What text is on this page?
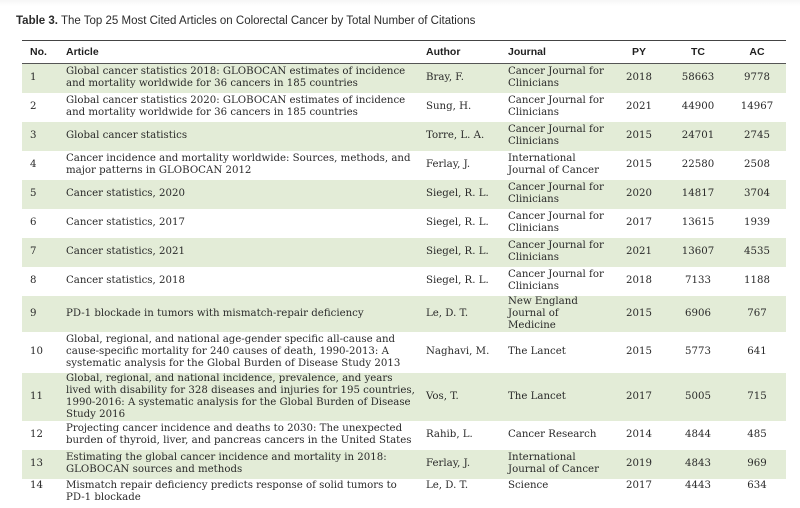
Table 3. The Top 25 Most Cited Articles on Colorectal Cancer by Total Number of Citations
No.	Article	Author	Journal	PY	TC	AC
1	Global cancer statistics 2018: GLOBOCAN estimates of incidence and mortality worldwide for 36 cancers in 185 countries	Bray, F.	Cancer Journal for Clinicians	2018	58663	9778
2	Global cancer statistics 2020: GLOBOCAN estimates of incidence and mortality worldwide for 36 cancers in 185 countries	Sung, H.	Cancer Journal for Clinicians	2021	44900	14967
3	Global cancer statistics	Torre, L. A.	Cancer Journal for Clinicians	2015	24701	2745
4	Cancer incidence and mortality worldwide: Sources, methods, and major patterns in GLOBOCAN 2012	Ferlay, J.	International Journal of Cancer	2015	22580	2508
5	Cancer statistics, 2020	Siegel, R. L.	Cancer Journal for Clinicians	2020	14817	3704
6	Cancer statistics, 2017	Siegel, R. L.	Cancer Journal for Clinicians	2017	13615	1939
7	Cancer statistics, 2021	Siegel, R. L.	Cancer Journal for Clinicians	2021	13607	4535
8	Cancer statistics, 2018	Siegel, R. L.	Cancer Journal for Clinicians	2018	7133	1188
9	PD-1 blockade in tumors with mismatch-repair deficiency	Le, D. T.	New England Journal of Medicine	2015	6906	767
10	Global, regional, and national age-gender specific all-cause and cause-specific mortality for 240 causes of death, 1990-2013: A systematic analysis for the Global Burden of Disease Study 2013	Naghavi, M.	The Lancet	2015	5773	641
11	Global, regional, and national incidence, prevalence, and years lived with disability for 328 diseases and injuries for 195 countries, 1990-2016: A systematic analysis for the Global Burden of Disease Study 2016	Vos, T.	The Lancet	2017	5005	715
12	Projecting cancer incidence and deaths to 2030: The unexpected burden of thyroid, liver, and pancreas cancers in the United States	Rahib, L.	Cancer Research	2014	4844	485
13	Estimating the global cancer incidence and mortality in 2018: GLOBOCAN sources and methods	Ferlay, J.	International Journal of Cancer	2019	4843	969
14	Mismatch repair deficiency predicts response of solid tumors to PD-1 blockade	Le, D. T.	Science	2017	4443	634
